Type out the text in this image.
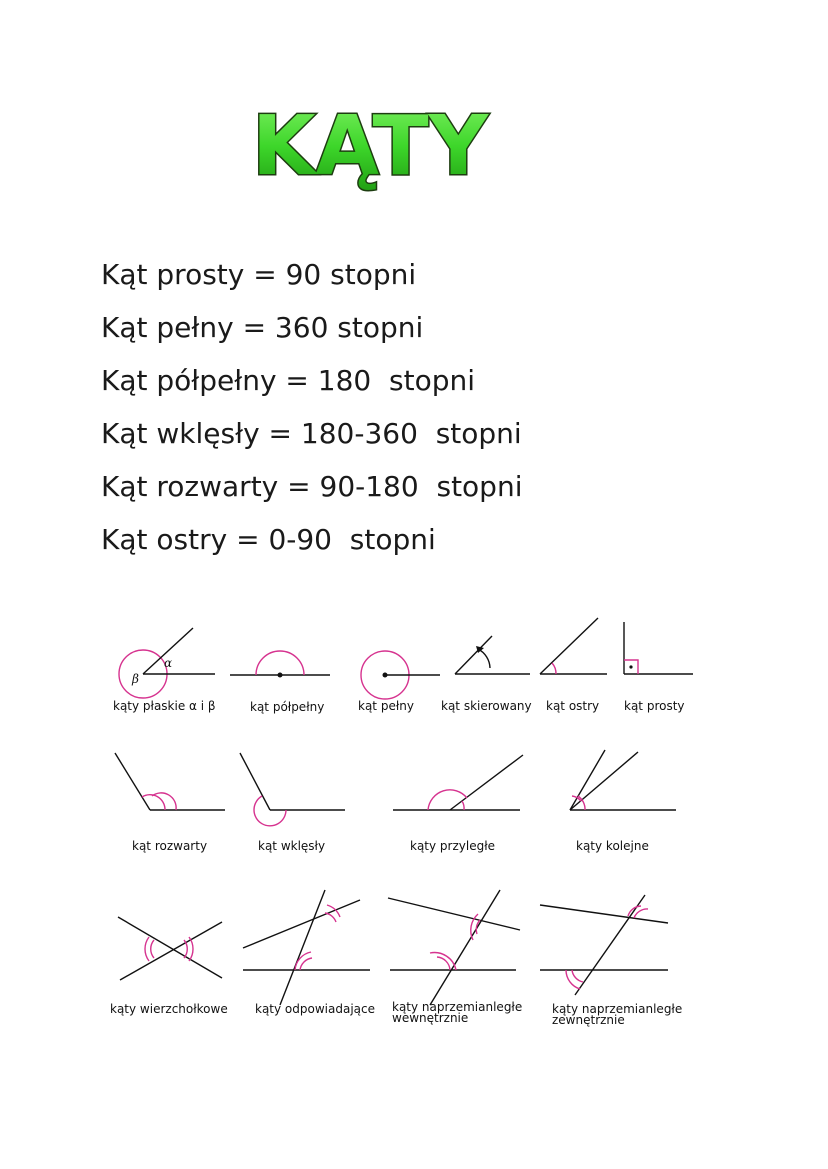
KĄTY
Kąt prosty = 90 stopni
Kąt pełny = 360 stopni
Kąt półpełny = 180  stopni
Kąt wklęsły = 180-360  stopni
Kąt rozwarty = 90-180  stopni
Kąt ostry = 0-90  stopni
α
β
kąty płaskie α i β	kąt półpełny	kąt pełny kąt skierowany kąt ostry kąt prosty
kąt rozwarty	kąt wklęsły	kąty przyległe	kąty kolejne
kąty wierzchołkowe kąty odpowiadające kąty naprzemianległe
wewnętrznie
kąty naprzemianległe
zewnętrznie
